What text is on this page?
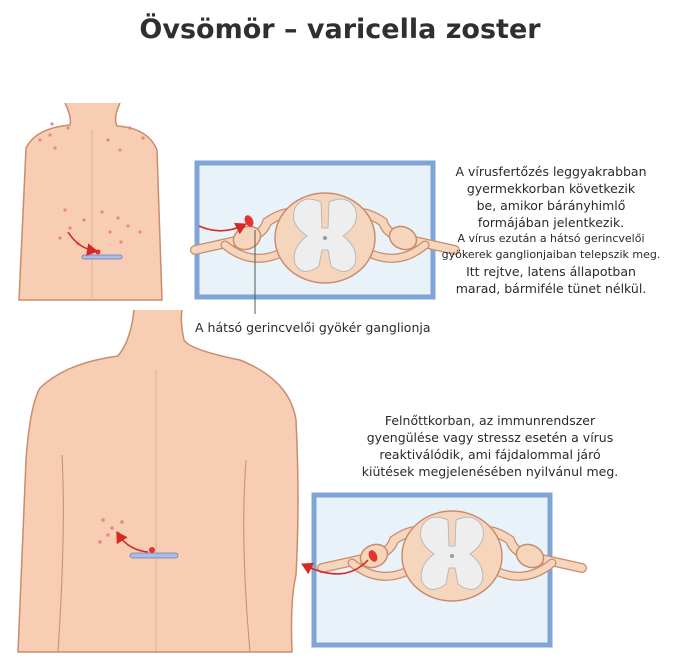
Övsömör – varicella zoster

A vírusfertőzés leggyakrabban
gyermekkorban következik
be, amikor bárányhimlő
formájában jelentkezik.
A vírus ezután a hátsó gerincvelői
gyökerek ganglionjaiban telepszik meg.
Itt rejtve, latens állapotban
marad, bármiféle tünet nélkül.

A hátsó gerincvelői gyökér ganglionja

Felnőttkorban, az immunrendszer
gyengülése vagy stressz esetén a vírus
reaktiválódik, ami fájdalommal járó
kiütések megjelenésében nyilvánul meg.
